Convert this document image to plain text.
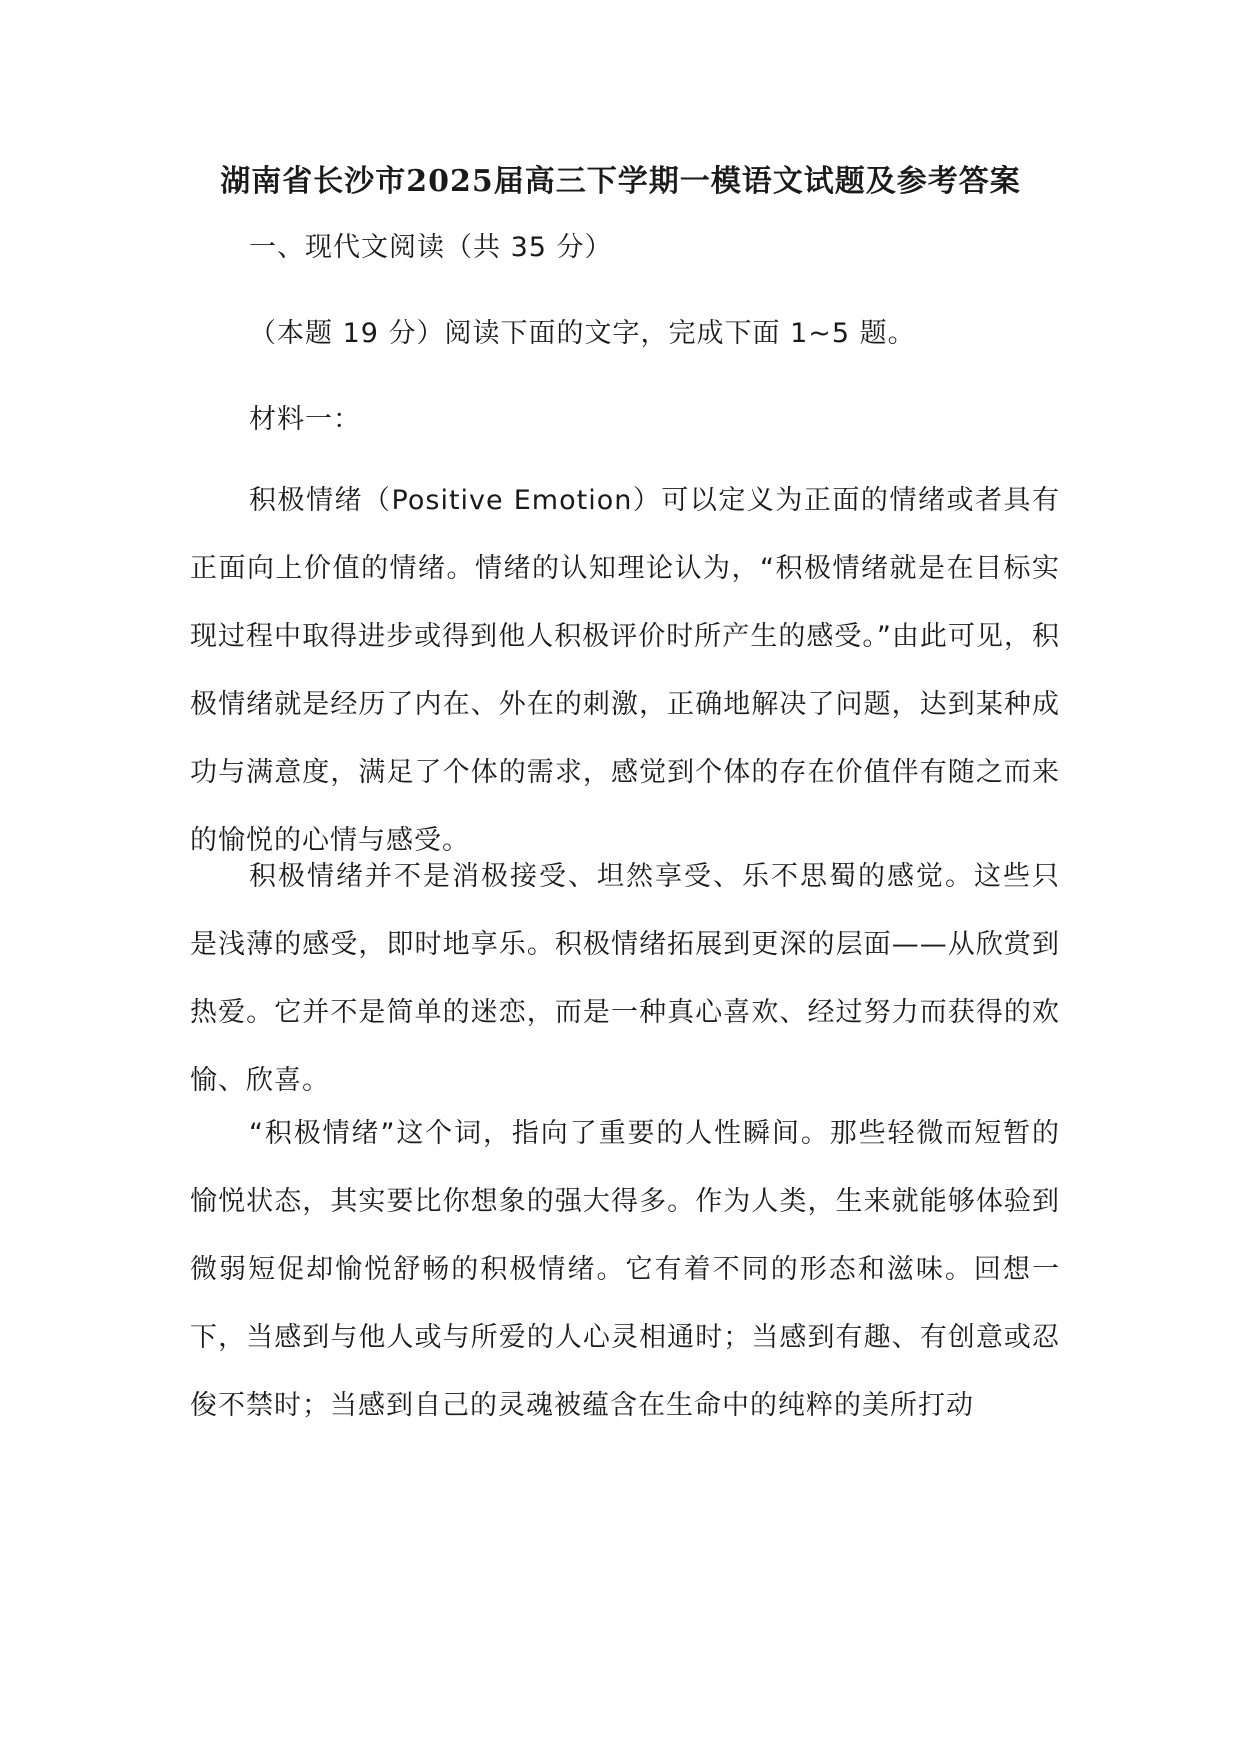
湖南省长沙市2025届高三下学期一模语文试题及参考答案

一、现代文阅读（共 35 分）

（本题 19 分）阅读下面的文字，完成下面 1~5 题。

材料一：

积极情绪（Positive Emotion）可以定义为正面的情绪或者具有正面向上价值的情绪。情绪的认知理论认为，“积极情绪就是在目标实现过程中取得进步或得到他人积极评价时所产生的感受。”由此可见，积极情绪就是经历了内在、外在的刺激，正确地解决了问题，达到某种成功与满意度，满足了个体的需求，感觉到个体的存在价值伴有随之而来的愉悦的心情与感受。

积极情绪并不是消极接受、坦然享受、乐不思蜀的感觉。这些只是浅薄的感受，即时地享乐。积极情绪拓展到更深的层面——从欣赏到热爱。它并不是简单的迷恋，而是一种真心喜欢、经过努力而获得的欢愉、欣喜。

“积极情绪”这个词，指向了重要的人性瞬间。那些轻微而短暂的愉悦状态，其实要比你想象的强大得多。作为人类，生来就能够体验到微弱短促却愉悦舒畅的积极情绪。它有着不同的形态和滋味。回想一下，当感到与他人或与所爱的人心灵相通时；当感到有趣、有创意或忍俊不禁时；当感到自己的灵魂被蕴含在生命中的纯粹的美所打动
